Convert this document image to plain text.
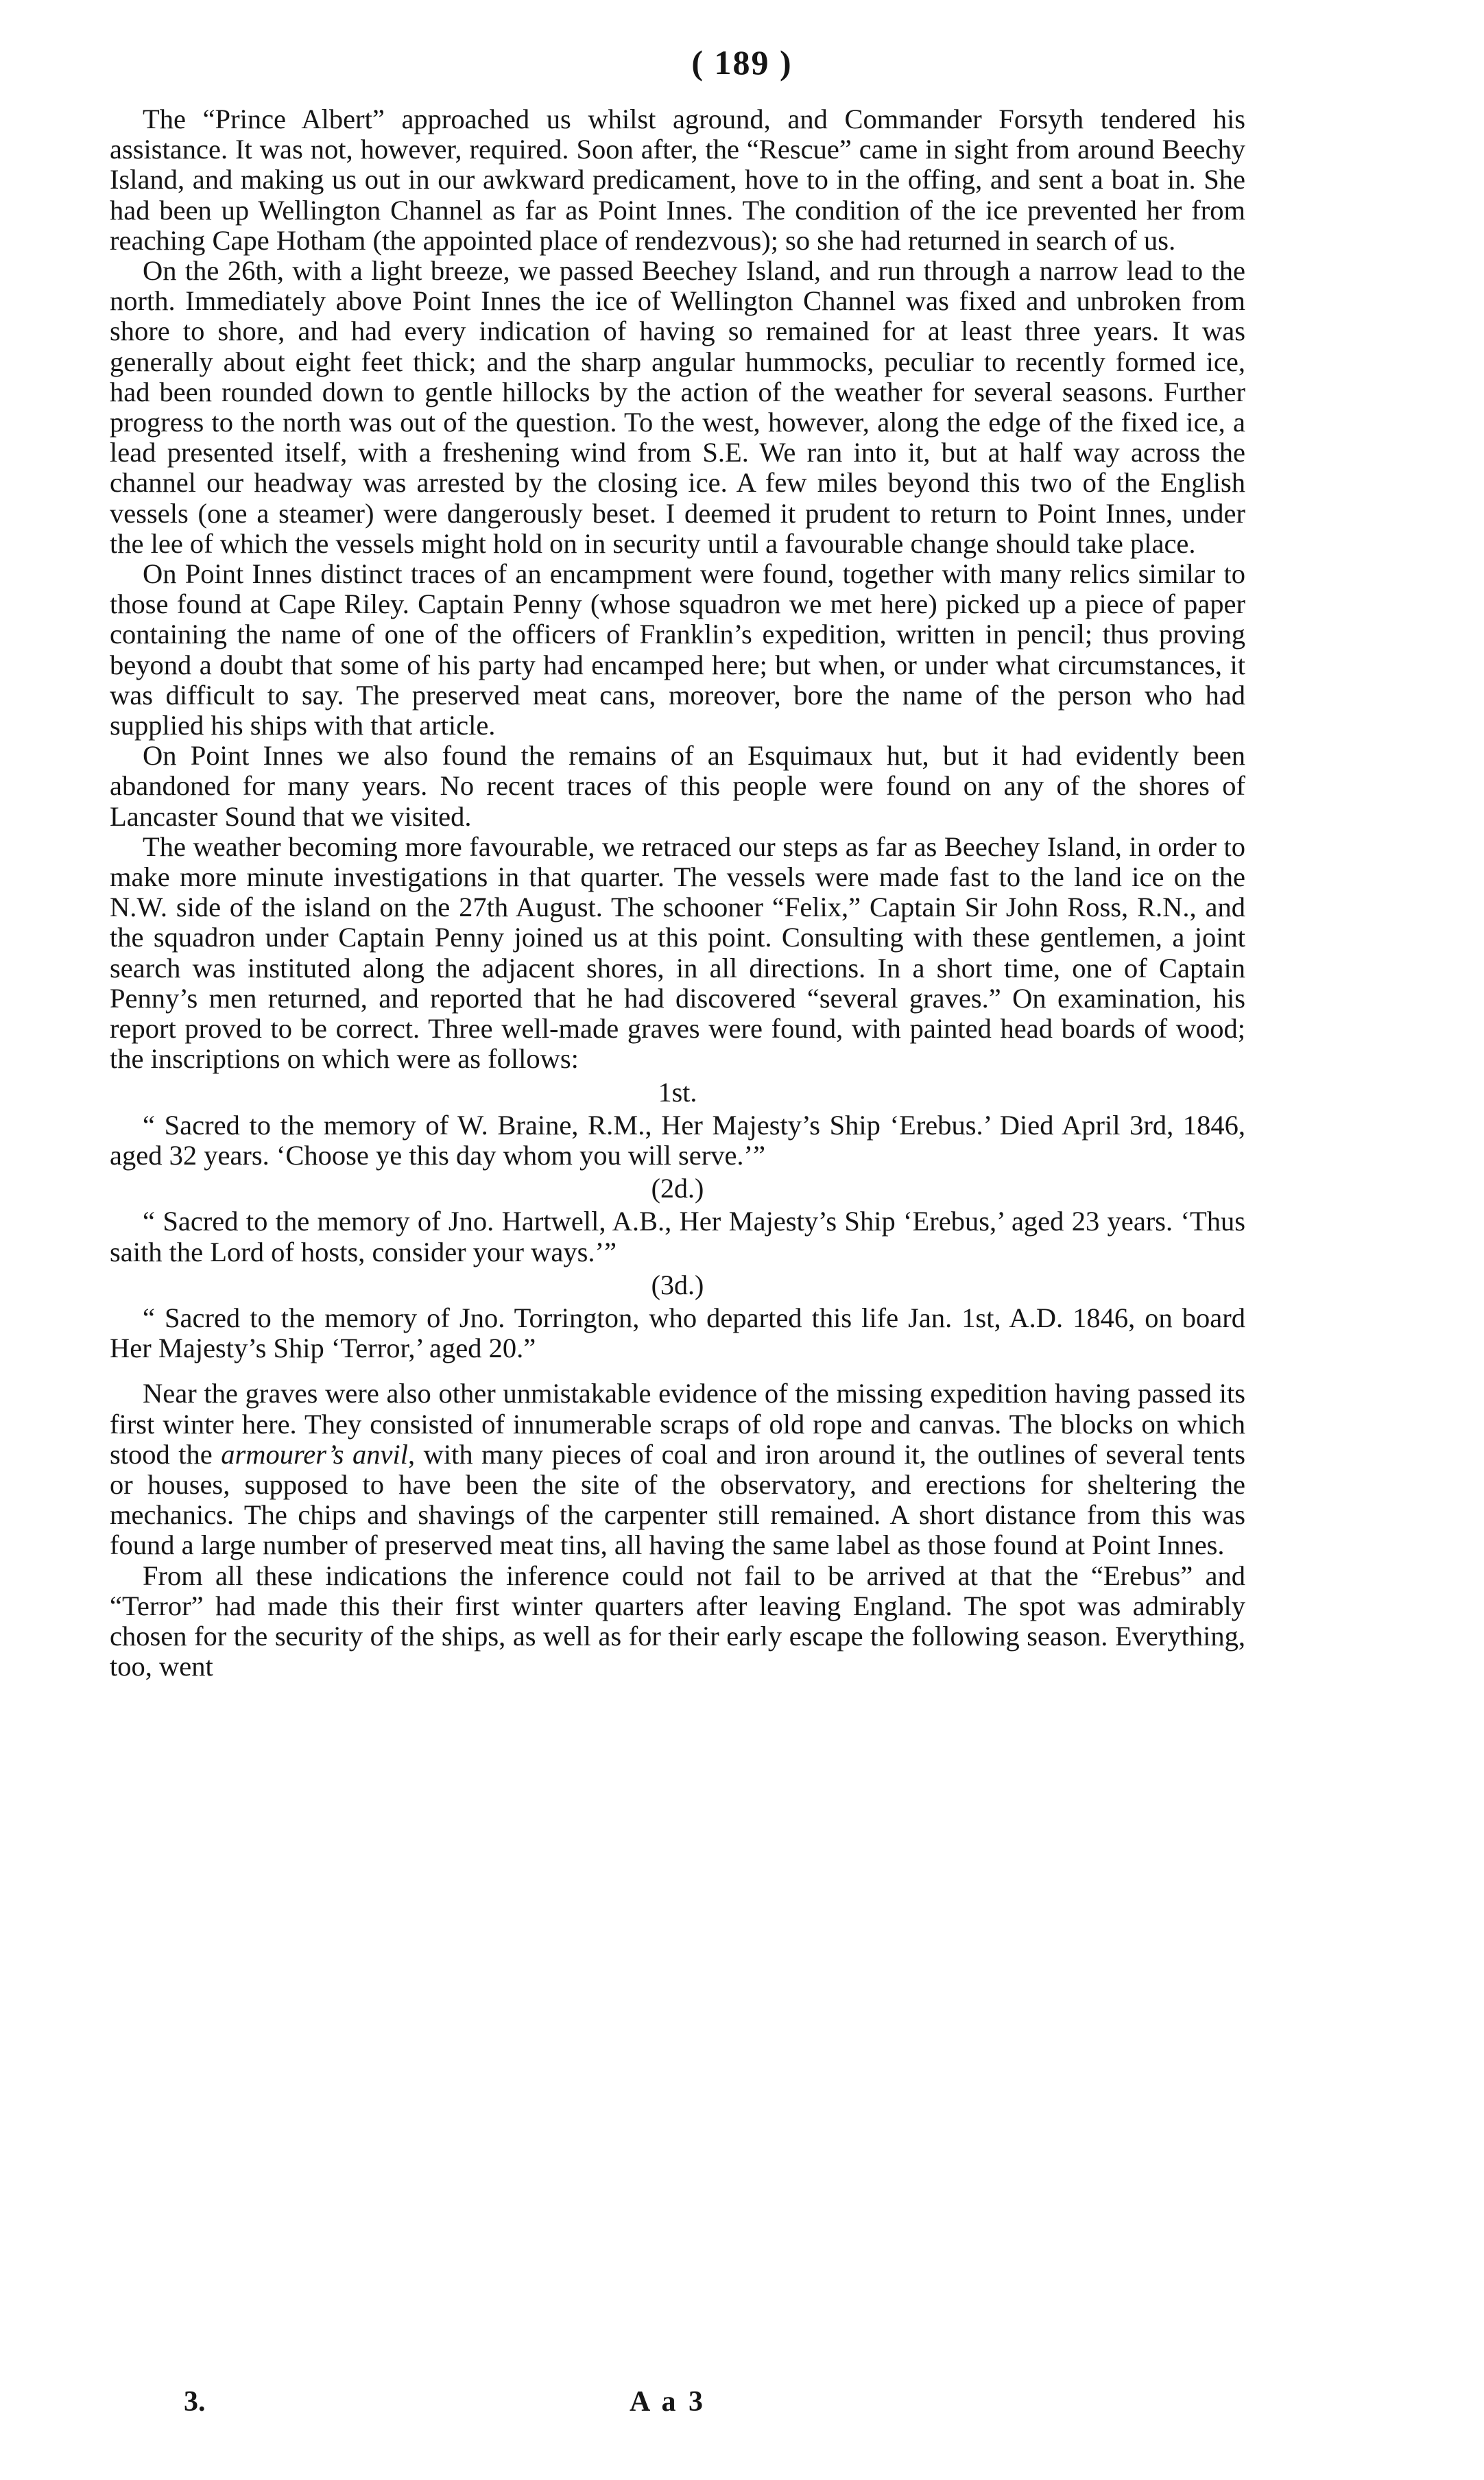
( 189 )

The “Prince Albert” approached us whilst aground, and Commander Forsyth tendered his assistance. It was not, however, required. Soon after, the “Rescue” came in sight from around Beechy Island, and making us out in our awkward predicament, hove to in the offing, and sent a boat in. She had been up Wellington Channel as far as Point Innes. The condition of the ice prevented her from reaching Cape Hotham (the appointed place of rendezvous); so she had returned in search of us.

On the 26th, with a light breeze, we passed Beechey Island, and run through a narrow lead to the north. Immediately above Point Innes the ice of Wellington Channel was fixed and unbroken from shore to shore, and had every indication of having so remained for at least three years. It was generally about eight feet thick; and the sharp angular hummocks, peculiar to recently formed ice, had been rounded down to gentle hillocks by the action of the weather for several seasons. Further progress to the north was out of the question. To the west, however, along the edge of the fixed ice, a lead presented itself, with a freshening wind from S.E. We ran into it, but at half way across the channel our headway was arrested by the closing ice. A few miles beyond this two of the English vessels (one a steamer) were dangerously beset. I deemed it prudent to return to Point Innes, under the lee of which the vessels might hold on in security until a favourable change should take place.

On Point Innes distinct traces of an encampment were found, together with many relics similar to those found at Cape Riley. Captain Penny (whose squadron we met here) picked up a piece of paper containing the name of one of the officers of Franklin’s expedition, written in pencil; thus proving beyond a doubt that some of his party had encamped here; but when, or under what circumstances, it was difficult to say. The preserved meat cans, moreover, bore the name of the person who had supplied his ships with that article.

On Point Innes we also found the remains of an Esquimaux hut, but it had evidently been abandoned for many years. No recent traces of this people were found on any of the shores of Lancaster Sound that we visited.

The weather becoming more favourable, we retraced our steps as far as Beechey Island, in order to make more minute investigations in that quarter. The vessels were made fast to the land ice on the N.W. side of the island on the 27th August. The schooner “Felix,” Captain Sir John Ross, R.N., and the squadron under Captain Penny joined us at this point. Consulting with these gentlemen, a joint search was instituted along the adjacent shores, in all directions. In a short time, one of Captain Penny’s men returned, and reported that he had discovered “several graves.” On examination, his report proved to be correct. Three well-made graves were found, with painted head boards of wood; the inscriptions on which were as follows:

1st.

“ Sacred to the memory of W. Braine, R.M., Her Majesty’s Ship ‘Erebus.’ Died April 3rd, 1846, aged 32 years. ‘Choose ye this day whom you will serve.’”

(2d.)

“ Sacred to the memory of Jno. Hartwell, A.B., Her Majesty’s Ship ‘Erebus,’ aged 23 years. ‘Thus saith the Lord of hosts, consider your ways.’”

(3d.)

“ Sacred to the memory of Jno. Torrington, who departed this life Jan. 1st, A.D. 1846, on board Her Majesty’s Ship ‘Terror,’ aged 20.”

Near the graves were also other unmistakable evidence of the missing expedition having passed its first winter here. They consisted of innumerable scraps of old rope and canvas. The blocks on which stood the armourer’s anvil, with many pieces of coal and iron around it, the outlines of several tents or houses, supposed to have been the site of the observatory, and erections for sheltering the mechanics. The chips and shavings of the carpenter still remained. A short distance from this was found a large number of preserved meat tins, all having the same label as those found at Point Innes.

From all these indications the inference could not fail to be arrived at that the “Erebus” and “Terror” had made this their first winter quarters after leaving England. The spot was admirably chosen for the security of the ships, as well as for their early escape the following season. Everything, too, went

3.	A a 3
